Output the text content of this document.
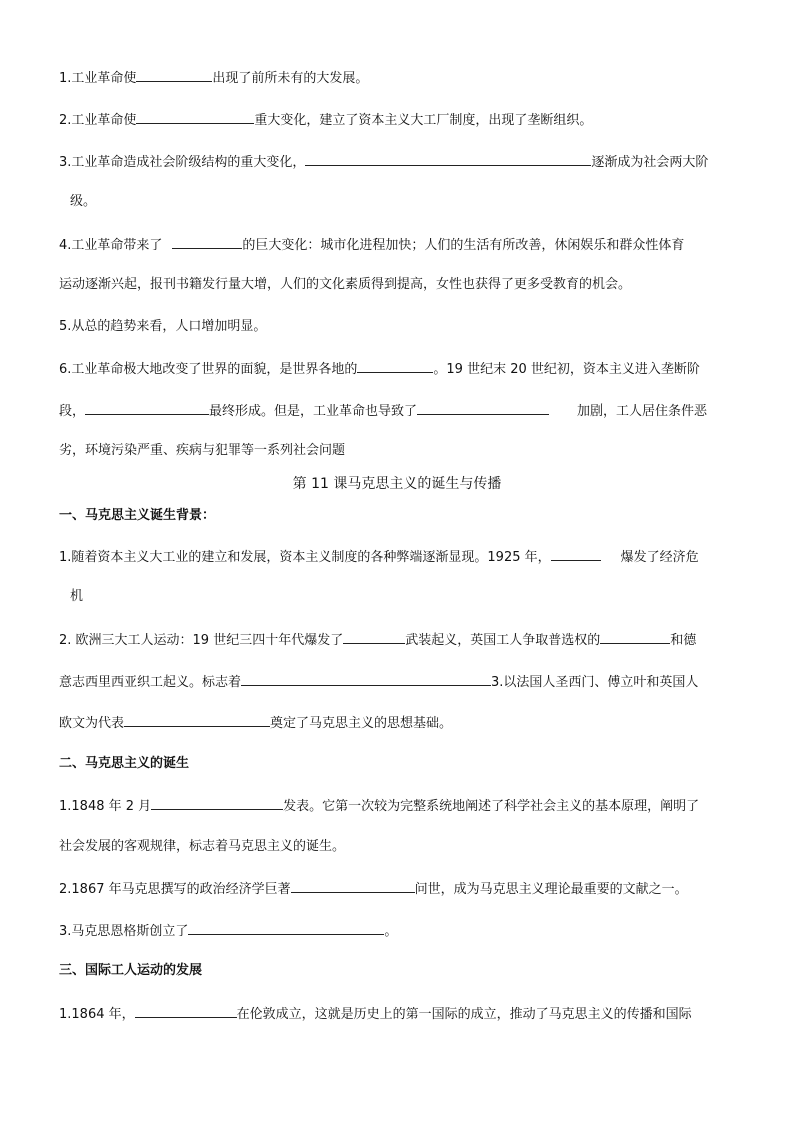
1.工业革命使	出现了前所未有的大发展。
2.工业革命使	重大变化，建立了资本主义大工厂制度，出现了垄断组织。
3.工业革命造成社会阶级结构的重大变化，	逐渐成为社会两大阶
级。
4.工业革命带来了	的巨大变化：城市化进程加快；人们的生活有所改善，休闲娱乐和群众性体育
运动逐渐兴起，报刊书籍发行量大增，人们的文化素质得到提高，女性也获得了更多受教育的机会。
5.从总的趋势来看，人口增加明显。
6.工业革命极大地改变了世界的面貌，是世界各地的	。19 世纪末 20 世纪初，资本主义进入垄断阶
段，	最终形成。但是，工业革命也导致了	加剧，工人居住条件恶
劣，环境污染严重、疾病与犯罪等一系列社会问题
第 11 课马克思主义的诞生与传播
一、马克思主义诞生背景：
1.随着资本主义大工业的建立和发展，资本主义制度的各种弊端逐渐显现。1925 年，	爆发了经济危
机
2. 欧洲三大工人运动：19 世纪三四十年代爆发了	武装起义，英国工人争取普选权的	和德
意志西里西亚织工起义。标志着	3.以法国人圣西门、傅立叶和英国人
欧文为代表	奠定了马克思主义的思想基础。
二、马克思主义的诞生
1.1848 年 2 月	发表。它第一次较为完整系统地阐述了科学社会主义的基本原理，阐明了
社会发展的客观规律，标志着马克思主义的诞生。
2.1867 年马克思撰写的政治经济学巨著	问世，成为马克思主义理论最重要的文献之一。
3.马克思恩格斯创立了	。
三、国际工人运动的发展
1.1864 年，	在伦敦成立，这就是历史上的第一国际的成立，推动了马克思主义的传播和国际
